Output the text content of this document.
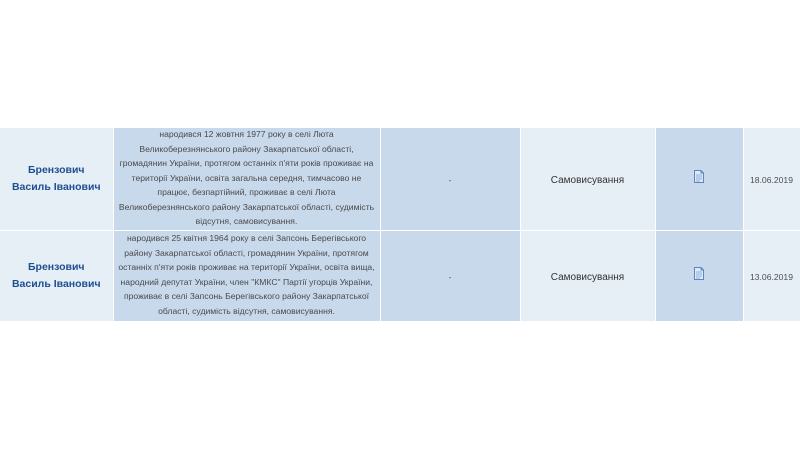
Брензович
Василь Іванович	народився 12 жовтня 1977 року в селі Люта Великоберезнянського району Закарпатської області, громадянин України, протягом останніх п'яти років проживає на території України, освіта загальна середня, тимчасово не працює, безпартійний, проживає в селі Люта Великоберезнянського району Закарпатської області, судимість відсутня, самовисування.	-	Самовисування		18.06.2019

Брензович
Василь Іванович	народився 25 квітня 1964 року в селі Запсонь Берегівського району Закарпатської області, громадянин України, протягом останніх п'яти років проживає на території України, освіта вища, народний депутат України, член "КМКС" Партії угорців України, проживає в селі Запсонь Берегівського району Закарпатської області, судимість відсутня, самовисування.	-	Самовисування		13.06.2019
